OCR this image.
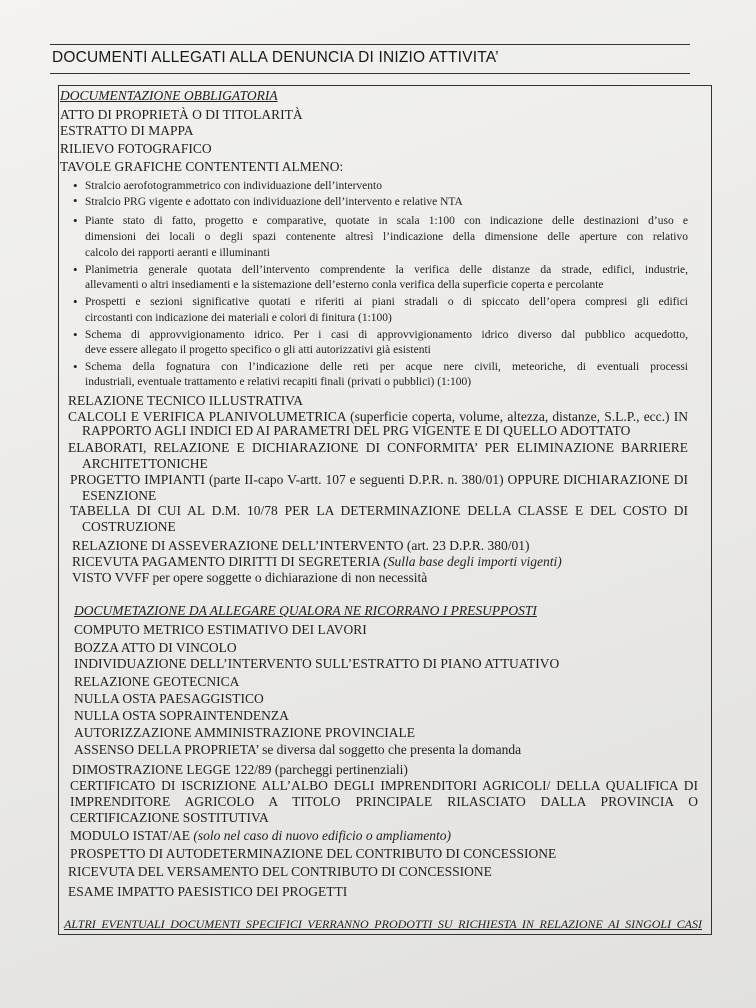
DOCUMENTI ALLEGATI ALLA DENUNCIA DI INIZIO ATTIVITA’
DOCUMENTAZIONE OBBLIGATORIA
ATTO DI PROPRIETÀ O DI TITOLARITÀ
ESTRATTO DI MAPPA
RILIEVO FOTOGRAFICO
TAVOLE GRAFICHE CONTENTENTI ALMENO:
• Stralcio aerofotogrammetrico con individuazione dell’intervento
• Stralcio PRG vigente e adottato con individuazione dell’intervento e relative NTA
• Piante stato di fatto, progetto e comparative, quotate in scala 1:100 con indicazione delle destinazioni d’uso e
dimensioni dei locali o degli spazi contenente altresì l’indicazione della dimensione delle aperture con relativo
calcolo dei rapporti aeranti e illuminanti
• Planimetria generale quotata dell’intervento comprendente la verifica delle distanze da strade, edifici, industrie,
allevamenti o altri insediamenti e la sistemazione dell’esterno conla verifica della superficie coperta e percolante
• Prospetti e sezioni significative quotati e riferiti ai piani stradali o di spiccato dell’opera compresi gli edifici
circostanti con indicazione dei materiali e colori di finitura (1:100)
• Schema di approvvigionamento idrico. Per i casi di approvvigionamento idrico diverso dal pubblico acquedotto,
deve essere allegato il progetto specifico o gli atti autorizzativi già esistenti
• Schema della fognatura con l’indicazione delle reti per acque nere civili, meteoriche, di eventuali processi
industriali, eventuale trattamento e relativi recapiti finali (privati o pubblici) (1:100)
RELAZIONE TECNICO ILLUSTRATIVA
CALCOLI E VERIFICA PLANIVOLUMETRICA (superficie coperta, volume, altezza, distanze, S.L.P., ecc.) IN
RAPPORTO AGLI INDICI ED AI PARAMETRI DEL PRG VIGENTE E DI QUELLO ADOTTATO
ELABORATI, RELAZIONE E DICHIARAZIONE DI CONFORMITA’ PER ELIMINAZIONE BARRIERE
ARCHITETTONICHE
PROGETTO IMPIANTI (parte II-capo V-artt. 107 e seguenti D.P.R. n. 380/01) OPPURE DICHIARAZIONE DI
ESENZIONE
TABELLA DI CUI AL D.M. 10/78 PER LA DETERMINAZIONE DELLA CLASSE E DEL COSTO DI
COSTRUZIONE
RELAZIONE DI ASSEVERAZIONE DELL’INTERVENTO (art. 23 D.P.R. 380/01)
RICEVUTA PAGAMENTO DIRITTI DI SEGRETERIA (Sulla base degli importi vigenti)
VISTO VVFF per opere soggette o dichiarazione di non necessità
DOCUMETAZIONE DA ALLEGARE QUALORA NE RICORRANO I PRESUPPOSTI
COMPUTO METRICO ESTIMATIVO DEI LAVORI
BOZZA ATTO DI VINCOLO
INDIVIDUAZIONE DELL’INTERVENTO SULL’ESTRATTO DI PIANO ATTUATIVO
RELAZIONE GEOTECNICA
NULLA OSTA PAESAGGISTICO
NULLA OSTA SOPRAINTENDENZA
AUTORIZZAZIONE AMMINISTRAZIONE PROVINCIALE
ASSENSO DELLA PROPRIETA’ se diversa dal soggetto che presenta la domanda
DIMOSTRAZIONE LEGGE 122/89 (parcheggi pertinenziali)
CERTIFICATO DI ISCRIZIONE ALL’ALBO DEGLI IMPRENDITORI AGRICOLI/ DELLA QUALIFICA DI
IMPRENDITORE AGRICOLO A TITOLO PRINCIPALE RILASCIATO DALLA PROVINCIA O
CERTIFICAZIONE SOSTITUTIVA
MODULO ISTAT/AE (solo nel caso di nuovo edificio o ampliamento)
PROSPETTO DI AUTODETERMINAZIONE DEL CONTRIBUTO DI CONCESSIONE
RICEVUTA DEL VERSAMENTO DEL CONTRIBUTO DI CONCESSIONE
ESAME IMPATTO PAESISTICO DEI PROGETTI
ALTRI EVENTUALI DOCUMENTI SPECIFICI VERRANNO PRODOTTI SU RICHIESTA IN RELAZIONE AI SINGOLI CASI
